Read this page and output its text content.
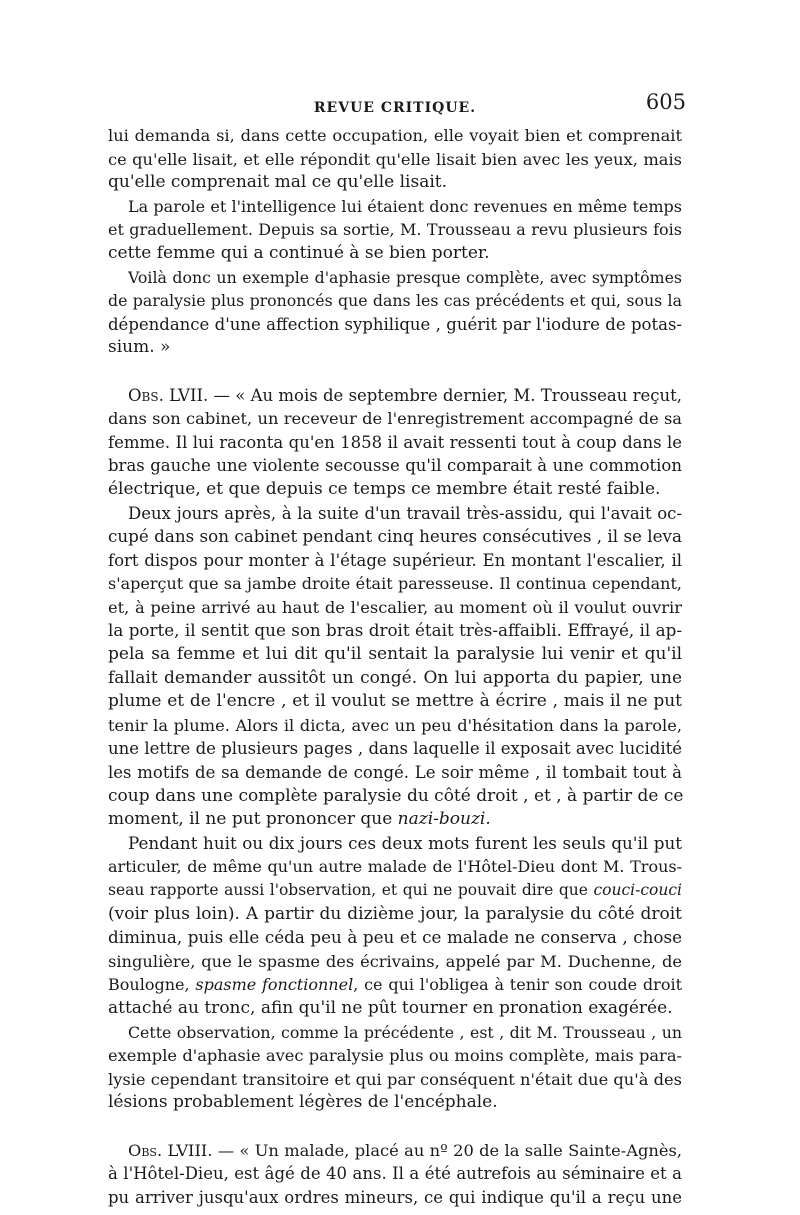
REVUE CRITIQUE.	605
lui demanda si, dans cette occupation, elle voyait bien et comprenait
ce qu'elle lisait, et elle répondit qu'elle lisait bien avec les yeux, mais
qu'elle comprenait mal ce qu'elle lisait.
La parole et l'intelligence lui étaient donc revenues en même temps
et graduellement. Depuis sa sortie, M. Trousseau a revu plusieurs fois
cette femme qui a continué à se bien porter.
Voilà donc un exemple d'aphasie presque complète, avec symptômes
de paralysie plus prononcés que dans les cas précédents et qui, sous la
dépendance d'une affection syphilique , guérit par l'iodure de potas-
sium. »
Obs. LVII. — « Au mois de septembre dernier, M. Trousseau reçut,
dans son cabinet, un receveur de l'enregistrement accompagné de sa
femme. Il lui raconta qu'en 1858 il avait ressenti tout à coup dans le
bras gauche une violente secousse qu'il comparait à une commotion
électrique, et que depuis ce temps ce membre était resté faible.
Deux jours après, à la suite d'un travail très-assidu, qui l'avait oc-
cupé dans son cabinet pendant cinq heures consécutives , il se leva
fort dispos pour monter à l'étage supérieur. En montant l'escalier, il
s'aperçut que sa jambe droite était paresseuse. Il continua cependant,
et, à peine arrivé au haut de l'escalier, au moment où il voulut ouvrir
la porte, il sentit que son bras droit était très-affaibli. Effrayé, il ap-
pela sa femme et lui dit qu'il sentait la paralysie lui venir et qu'il
fallait demander aussitôt un congé. On lui apporta du papier, une
plume et de l'encre , et il voulut se mettre à écrire , mais il ne put
tenir la plume. Alors il dicta, avec un peu d'hésitation dans la parole,
une lettre de plusieurs pages , dans laquelle il exposait avec lucidité
les motifs de sa demande de congé. Le soir même , il tombait tout à
coup dans une complète paralysie du côté droit , et , à partir de ce
moment, il ne put prononcer que nazi-bouzi.
Pendant huit ou dix jours ces deux mots furent les seuls qu'il put
articuler, de même qu'un autre malade de l'Hôtel-Dieu dont M. Trous-
seau rapporte aussi l'observation, et qui ne pouvait dire que couci-couci
(voir plus loin). A partir du dizième jour, la paralysie du côté droit
diminua, puis elle céda peu à peu et ce malade ne conserva , chose
singulière, que le spasme des écrivains, appelé par M. Duchenne, de
Boulogne, spasme fonctionnel, ce qui l'obligea à tenir son coude droit
attaché au tronc, afin qu'il ne pût tourner en pronation exagérée.
Cette observation, comme la précédente , est , dit M. Trousseau , un
exemple d'aphasie avec paralysie plus ou moins complète, mais para-
lysie cependant transitoire et qui par conséquent n'était due qu'à des
lésions probablement légères de l'encéphale.
Obs. LVIII. — « Un malade, placé au nº 20 de la salle Sainte-Agnès,
à l'Hôtel-Dieu, est âgé de 40 ans. Il a été autrefois au séminaire et a
pu arriver jusqu'aux ordres mineurs, ce qui indique qu'il a reçu une
